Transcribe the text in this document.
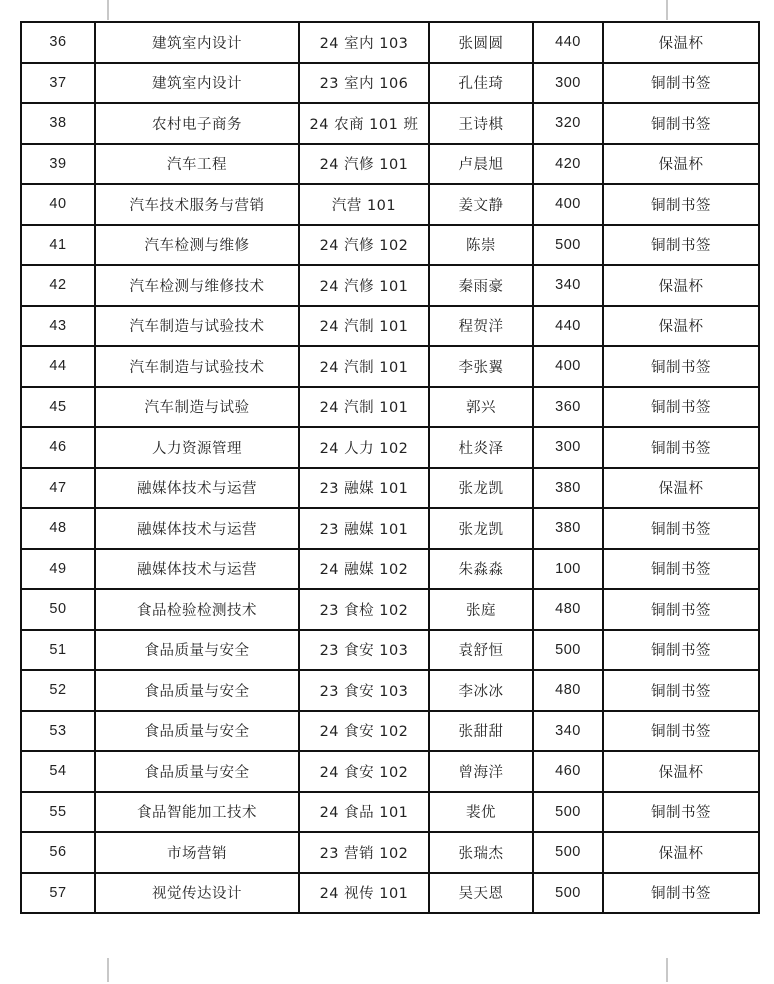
36	建筑室内设计	24 室内 103	张圆圆	440	保温杯
37	建筑室内设计	23 室内 106	孔佳琦	300	铜制书签
38	农村电子商务	24 农商 101 班	王诗棋	320	铜制书签
39	汽车工程	24 汽修 101	卢晨旭	420	保温杯
40	汽车技术服务与营销	汽营 101	姜文静	400	铜制书签
41	汽车检测与维修	24 汽修 102	陈崇	500	铜制书签
42	汽车检测与维修技术	24 汽修 101	秦雨豪	340	保温杯
43	汽车制造与试验技术	24 汽制 101	程贺洋	440	保温杯
44	汽车制造与试验技术	24 汽制 101	李张翼	400	铜制书签
45	汽车制造与试验	24 汽制 101	郭兴	360	铜制书签
46	人力资源管理	24 人力 102	杜炎泽	300	铜制书签
47	融媒体技术与运营	23 融媒 101	张龙凯	380	保温杯
48	融媒体技术与运营	23 融媒 101	张龙凯	380	铜制书签
49	融媒体技术与运营	24 融媒 102	朱淼淼	100	铜制书签
50	食品检验检测技术	23 食检 102	张庭	480	铜制书签
51	食品质量与安全	23 食安 103	袁舒恒	500	铜制书签
52	食品质量与安全	23 食安 103	李冰冰	480	铜制书签
53	食品质量与安全	24 食安 102	张甜甜	340	铜制书签
54	食品质量与安全	24 食安 102	曾海洋	460	保温杯
55	食品智能加工技术	24 食品 101	裴优	500	铜制书签
56	市场营销	23 营销 102	张瑞杰	500	保温杯
57	视觉传达设计	24 视传 101	吴天恩	500	铜制书签
